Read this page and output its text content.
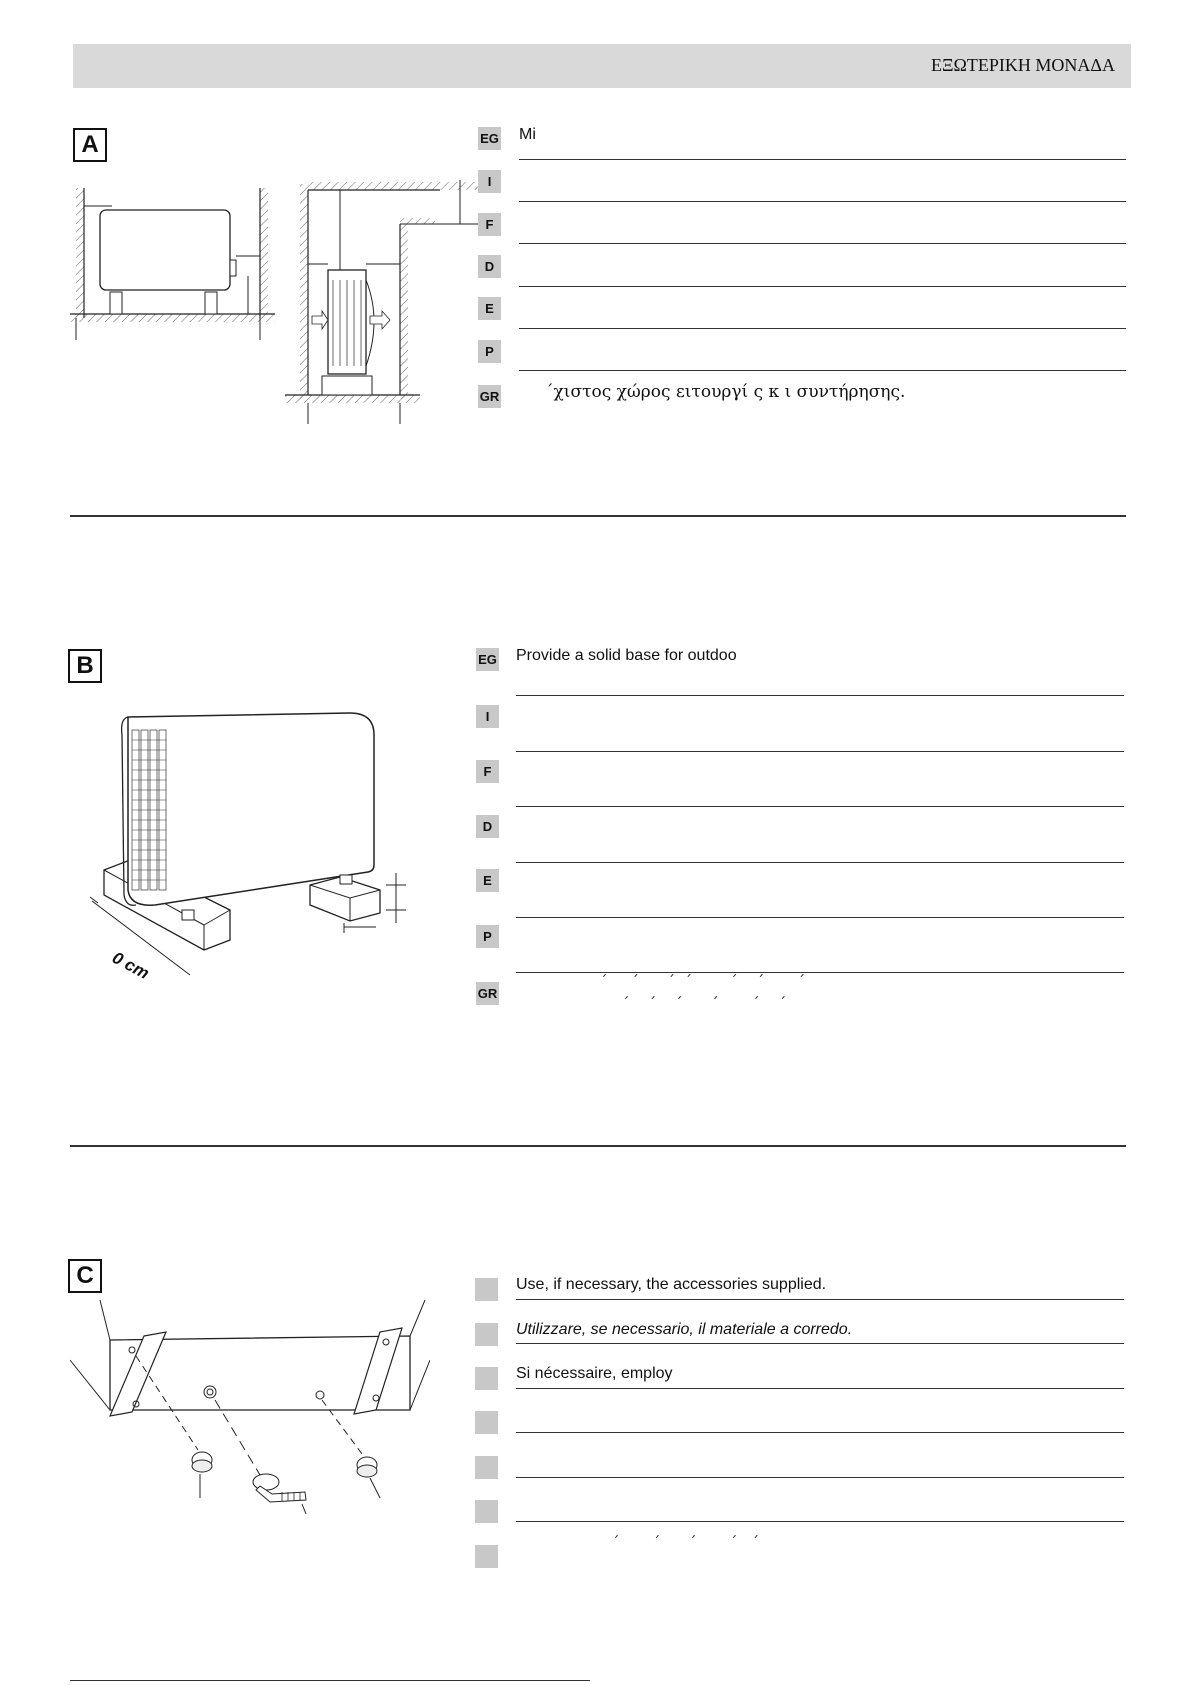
ΕΞΩΤΕΡΙΚΗ ΜΟΝΑΔΑ
A	EG Mi
I
F
D
E
P
GR	΄χιστος χώρος ειτουργί ς κ ι συντήρησης.
B
0 cm
EG Provide a solid base for outdoo
I
F
D
E
P
GR
΄     ΄      ΄  ΄        ΄    ΄       ΄
΄    ΄    ΄      ΄       ΄    ΄
C	Use, if necessary, the accessories supplied.
Utilizzare, se necessario, il materiale a corredo.
Si nécessaire, employ
΄       ΄      ΄       ΄   ΄
